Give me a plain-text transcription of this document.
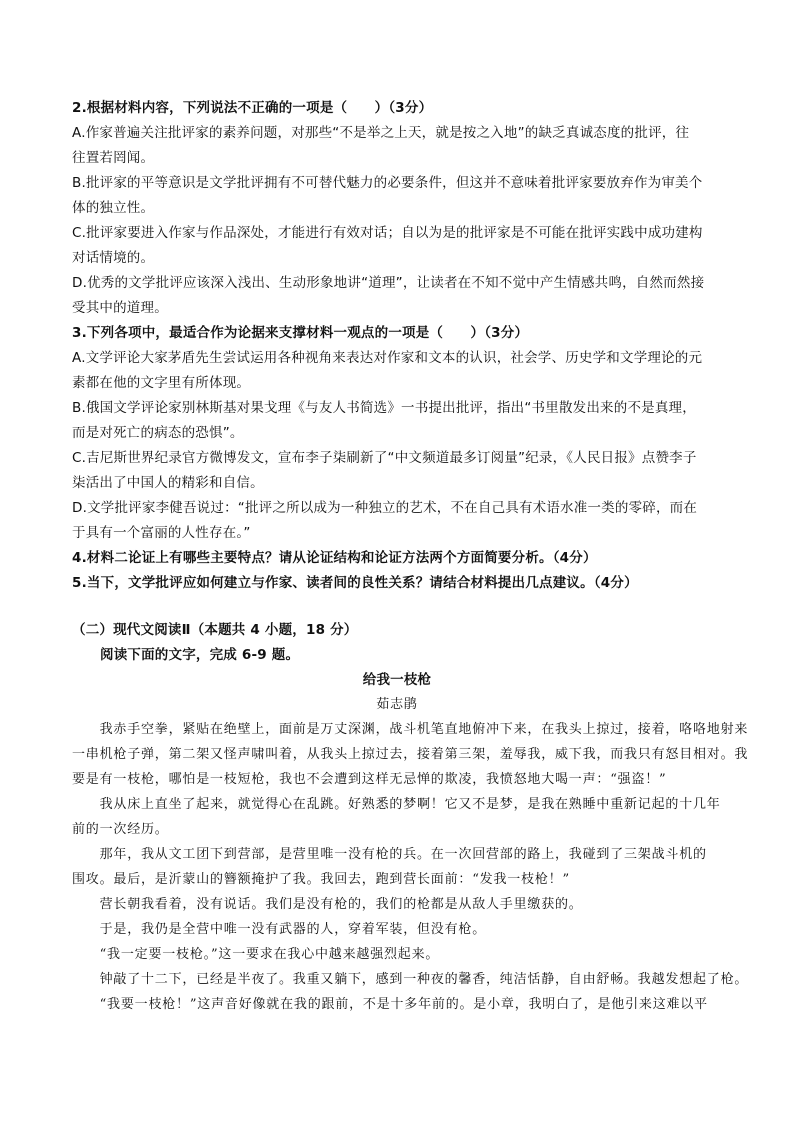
2.根据材料内容，下列说法不正确的一项是（　　）（3分）
A.作家普遍关注批评家的素养问题，对那些“不是举之上天，就是按之入地”的缺乏真诚态度的批评，往
往置若罔闻。
B.批评家的平等意识是文学批评拥有不可替代魅力的必要条件，但这并不意味着批评家要放弃作为审美个
体的独立性。
C.批评家要进入作家与作品深处，才能进行有效对话；自以为是的批评家是不可能在批评实践中成功建构
对话情境的。
D.优秀的文学批评应该深入浅出、生动形象地讲“道理”，让读者在不知不觉中产生情感共鸣，自然而然接
受其中的道理。
3.下列各项中，最适合作为论据来支撑材料一观点的一项是（　　）（3分）
A.文学评论大家茅盾先生尝试运用各种视角来表达对作家和文本的认识，社会学、历史学和文学理论的元
素都在他的文字里有所体现。
B.俄国文学评论家别林斯基对果戈理《与友人书简选》一书提出批评，指出“书里散发出来的不是真理，
而是对死亡的病态的恐惧”。
C.吉尼斯世界纪录官方微博发文，宣布李子柒刷新了“中文频道最多订阅量”纪录，《人民日报》点赞李子
柒活出了中国人的精彩和自信。
D.文学批评家李健吾说过：“批评之所以成为一种独立的艺术，不在自己具有术语水准一类的零碎，而在
于具有一个富丽的人性存在。”
4.材料二论证上有哪些主要特点？请从论证结构和论证方法两个方面简要分析。（4分）
5.当下，文学批评应如何建立与作家、读者间的良性关系？请结合材料提出几点建议。（4分）
（二）现代文阅读Ⅱ（本题共 4 小题，18 分）
阅读下面的文字，完成 6-9 题。
给我一枝枪
茹志鹃
　　我赤手空拳，紧贴在绝壁上，面前是万丈深渊，战斗机笔直地俯冲下来，在我头上掠过，接着，咯咯地射来
一串机枪子弹，第二架又怪声啸叫着，从我头上掠过去，接着第三架，羞辱我，威下我，而我只有怒目相对。我
要是有一枝枪，哪怕是一枝短枪，我也不会遭到这样无忌惮的欺凌，我愤怒地大喝一声：“强盗！”
　　我从床上直坐了起来，就觉得心在乱跳。好熟悉的梦啊！它又不是梦，是我在熟睡中重新记起的十几年
前的一次经历。
　　那年，我从文工团下到营部，是营里唯一没有枪的兵。在一次回营部的路上，我碰到了三架战斗机的
围攻。最后，是沂蒙山的簪额掩护了我。我回去，跑到营长面前：“发我一枝枪！”
　　营长朝我看着，没有说话。我们是没有枪的，我们的枪都是从敌人手里缴获的。
　　于是，我仍是全营中唯一没有武器的人，穿着军装，但没有枪。
　　“我一定要一枝枪。”这一要求在我心中越来越强烈起来。
　　钟敲了十二下，已经是半夜了。我重又躺下，感到一种夜的馨香，纯洁恬静，自由舒畅。我越发想起了枪。
　　“我要一枝枪！”这声音好像就在我的跟前，不是十多年前的。是小章，我明白了，是他引来这难以平
